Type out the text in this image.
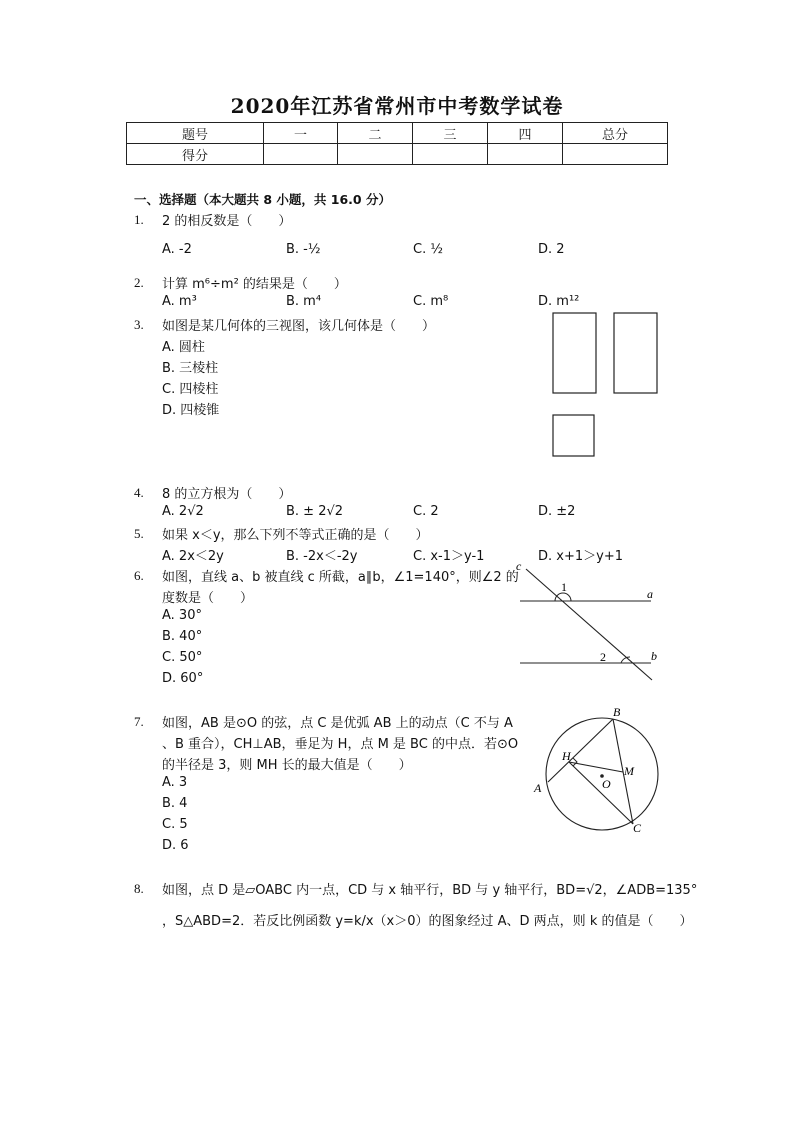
2020年江苏省常州市中考数学试卷
题号	一	二	三	四	总分
得分					
一、选择题（本大题共 8 小题，共 16.0 分）
1. 2 的相反数是（　　）
A. -2	B. -½	C. ½	D. 2
2. 计算 m⁶÷m² 的结果是（　　）
A. m³	B. m⁴	C. m⁸	D. m¹²
3. 如图是某几何体的三视图，该几何体是（　　）
A. 圆柱
B. 三棱柱
C. 四棱柱
D. 四棱锥
4. 8 的立方根为（　　）
A. 2√2	B. ± 2√2	C. 2	D. ±2
5. 如果 x＜y，那么下列不等式正确的是（　　）
A. 2x＜2y	B. -2x＜-2y	C. x-1＞y-1	D. x+1＞y+1
6. 如图，直线 a、b 被直线 c 所截，a∥b，∠1=140°，则∠2 的
度数是（　　）
A. 30°
B. 40°
C. 50°
D. 60°
c
1	a
2	b
7. 如图，AB 是⊙O 的弦，点 C 是优弧 AB 上的动点（C 不与 A
、B 重合），CH⊥AB，垂足为 H，点 M 是 BC 的中点．若⊙O
的半径是 3，则 MH 长的最大值是（　　）
A. 3
B. 4
C. 5
D. 6
A
B
C
H
M
O
8. 如图，点 D 是▱OABC 内一点，CD 与 x 轴平行，BD 与 y 轴平行，BD=√2，∠ADB=135°
，S△ABD=2．若反比例函数 y=k/x（x＞0）的图象经过 A、D 两点，则 k 的值是（　　）
